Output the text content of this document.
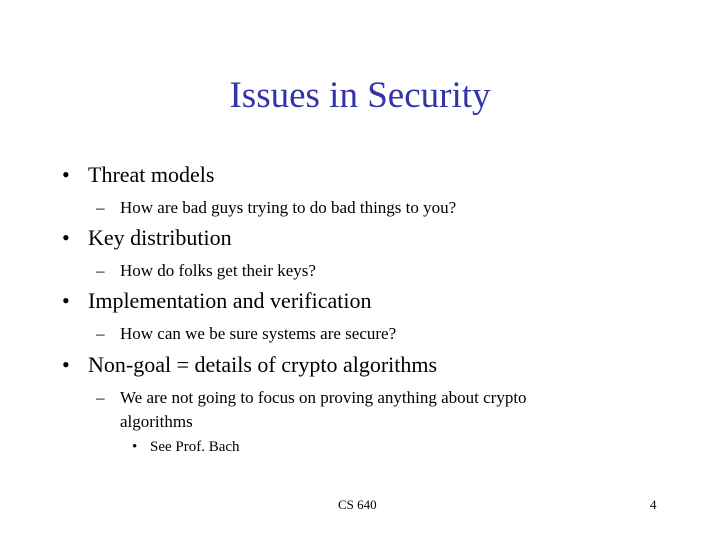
Issues in Security
• Threat models
– How are bad guys trying to do bad things to you?
• Key distribution
– How do folks get their keys?
• Implementation and verification
– How can we be sure systems are secure?
• Non-goal = details of crypto algorithms
– We are not going to focus on proving anything about crypto
algorithms
• See Prof. Bach
CS 640	4
